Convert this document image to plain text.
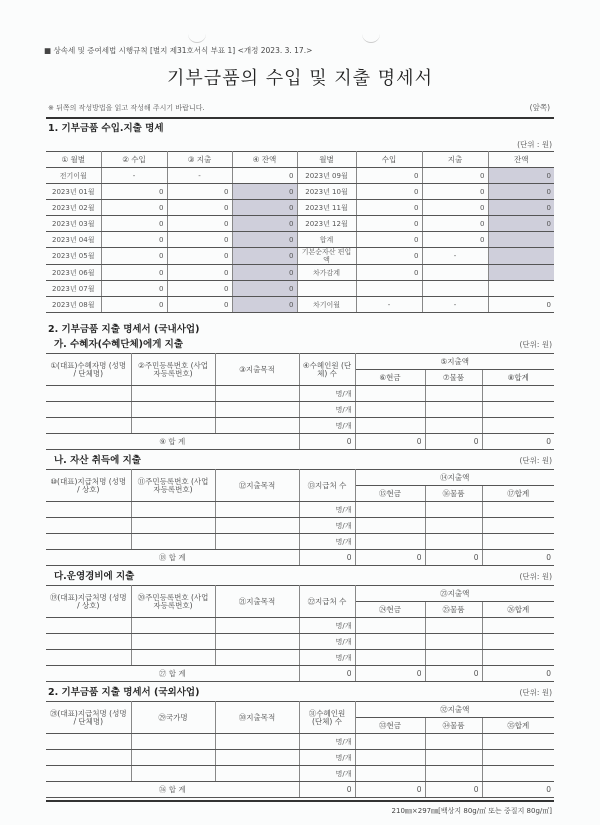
■ 상속세 및 증여세법 시행규칙 [별지 제31호서식 부표 1] <개정 2023. 3. 17.>
기부금품의 수입 및 지출 명세서
※ 뒤쪽의 작성방법을 읽고 작성해 주시기 바랍니다.	(앞쪽)
1. 기부금품 수입.지출 명세
(단위 : 원)
① 월별	② 수입	③ 지출	④ 잔액	월별	수입	지출	잔액
전기이월	-	-	0	2023년 09월	0	0	0
2023년 01월	0	0	0	2023년 10월	0	0	0
2023년 02월	0	0	0	2023년 11월	0	0	0
2023년 03월	0	0	0	2023년 12월	0	0	0
2023년 04월	0	0	0	합계	0	0	
2023년 05월	0	0	0	기본순자산 편입액	0	-	
2023년 06월	0	0	0	차가감계	0		
2023년 07월	0	0	0				
2023년 08월	0	0	0	차기이월	-	-	0
2. 기부금품 지출 명세서 (국내사업)
가. 수혜자(수혜단체)에게 지출	(단위: 원)
①(대표)수혜자명 (성명 / 단체명)	②주민등록번호 (사업자등록번호)	③지출목적	④수혜인원 (단체) 수	⑤지출액		
				⑥현금	⑦물품	⑧합계
			명/개			
			명/개			
			명/개			
⑨ 합 계			0	0	0	0
나. 자산 취득에 지출	(단위: 원)
⑩(대표)지급처명 (성명 / 상호)	⑪주민등록번호 (사업자등록번호)	⑫지출목적	⑬지급처 수	⑭지출액		
				⑮현금	⑯물품	⑰합계
			명/개			
			명/개			
			명/개			
⑱ 합 계			0	0	0	0
다.운영경비에 지출	(단위: 원)
⑲(대표)지급처명 (성명 / 상호)	⑳주민등록번호 (사업자등록번호)	㉑지출목적	㉒지급처 수	㉓지출액		
				㉔현금	㉕물품	㉖합계
			명/개			
			명/개			
			명/개			
㉗ 합 계			0	0	0	0
2. 기부금품 지출 명세서 (국외사업)	(단위: 원)
㉘(대표)지급처명 (성명 / 단체명)	㉙국가명	㉚지출목적	㉛수혜인원 (단체) 수	㉜지출액		
				㉝현금	㉞물품	㉟합계
			명/개			
			명/개			
			명/개			
㊱ 합 계			0	0	0	0
210㎜×297㎜[백상지 80g/㎡ 또는 중질지 80g/㎡]
